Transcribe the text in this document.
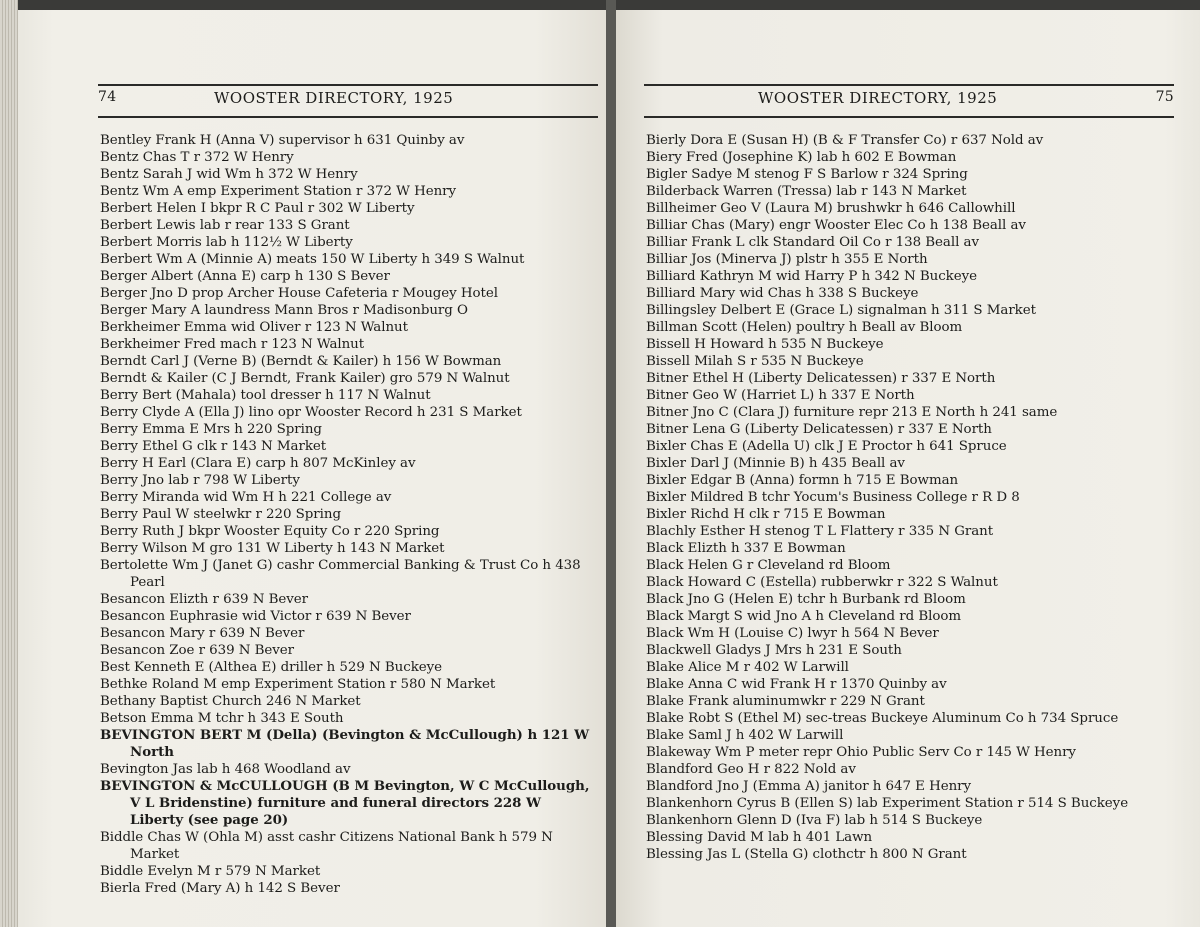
74	WOOSTER DIRECTORY, 1925
Bentley Frank H (Anna V) supervisor h 631 Quinby av
Bentz Chas T r 372 W Henry
Bentz Sarah J wid Wm h 372 W Henry
Bentz Wm A emp Experiment Station r 372 W Henry
Berbert Helen I bkpr R C Paul r 302 W Liberty
Berbert Lewis lab r rear 133 S Grant
Berbert Morris lab h 112½ W Liberty
Berbert Wm A (Minnie A) meats 150 W Liberty h 349 S Walnut
Berger Albert (Anna E) carp h 130 S Bever
Berger Jno D prop Archer House Cafeteria r Mougey Hotel
Berger Mary A laundress Mann Bros r Madisonburg O
Berkheimer Emma wid Oliver r 123 N Walnut
Berkheimer Fred mach r 123 N Walnut
Berndt Carl J (Verne B) (Berndt & Kailer) h 156 W Bowman
Berndt & Kailer (C J Berndt, Frank Kailer) gro 579 N Walnut
Berry Bert (Mahala) tool dresser h 117 N Walnut
Berry Clyde A (Ella J) lino opr Wooster Record h 231 S Market
Berry Emma E Mrs h 220 Spring
Berry Ethel G clk r 143 N Market
Berry H Earl (Clara E) carp h 807 McKinley av
Berry Jno lab r 798 W Liberty
Berry Miranda wid Wm H h 221 College av
Berry Paul W steelwkr r 220 Spring
Berry Ruth J bkpr Wooster Equity Co r 220 Spring
Berry Wilson M gro 131 W Liberty h 143 N Market
Bertolette Wm J (Janet G) cashr Commercial Banking & Trust Co h 438 Pearl
Besancon Elizth r 639 N Bever
Besancon Euphrasie wid Victor r 639 N Bever
Besancon Mary r 639 N Bever
Besancon Zoe r 639 N Bever
Best Kenneth E (Althea E) driller h 529 N Buckeye
Bethke Roland M emp Experiment Station r 580 N Market
Bethany Baptist Church 246 N Market
Betson Emma M tchr h 343 E South
BEVINGTON BERT M (Della) (Bevington & McCullough) h 121 W North
Bevington Jas lab h 468 Woodland av
BEVINGTON & McCULLOUGH (B M Bevington, W C McCullough, V L Bridenstine) furniture and funeral directors 228 W Liberty (see page 20)
Biddle Chas W (Ohla M) asst cashr Citizens National Bank h 579 N Market
Biddle Evelyn M r 579 N Market
Bierla Fred (Mary A) h 142 S Bever
WOOSTER DIRECTORY, 1925	75
Bierly Dora E (Susan H) (B & F Transfer Co) r 637 Nold av
Biery Fred (Josephine K) lab h 602 E Bowman
Bigler Sadye M stenog F S Barlow r 324 Spring
Bilderback Warren (Tressa) lab r 143 N Market
Billheimer Geo V (Laura M) brushwkr h 646 Callowhill
Billiar Chas (Mary) engr Wooster Elec Co h 138 Beall av
Billiar Frank L clk Standard Oil Co r 138 Beall av
Billiar Jos (Minerva J) plstr h 355 E North
Billiard Kathryn M wid Harry P h 342 N Buckeye
Billiard Mary wid Chas h 338 S Buckeye
Billingsley Delbert E (Grace L) signalman h 311 S Market
Billman Scott (Helen) poultry h Beall av Bloom
Bissell H Howard h 535 N Buckeye
Bissell Milah S r 535 N Buckeye
Bitner Ethel H (Liberty Delicatessen) r 337 E North
Bitner Geo W (Harriet L) h 337 E North
Bitner Jno C (Clara J) furniture repr 213 E North h 241 same
Bitner Lena G (Liberty Delicatessen) r 337 E North
Bixler Chas E (Adella U) clk J E Proctor h 641 Spruce
Bixler Darl J (Minnie B) h 435 Beall av
Bixler Edgar B (Anna) formn h 715 E Bowman
Bixler Mildred B tchr Yocum's Business College r R D 8
Bixler Richd H clk r 715 E Bowman
Blachly Esther H stenog T L Flattery r 335 N Grant
Black Elizth h 337 E Bowman
Black Helen G r Cleveland rd Bloom
Black Howard C (Estella) rubberwkr r 322 S Walnut
Black Jno G (Helen E) tchr h Burbank rd Bloom
Black Margt S wid Jno A h Cleveland rd Bloom
Black Wm H (Louise C) lwyr h 564 N Bever
Blackwell Gladys J Mrs h 231 E South
Blake Alice M r 402 W Larwill
Blake Anna C wid Frank H r 1370 Quinby av
Blake Frank aluminumwkr r 229 N Grant
Blake Robt S (Ethel M) sec-treas Buckeye Aluminum Co h 734 Spruce
Blake Saml J h 402 W Larwill
Blakeway Wm P meter repr Ohio Public Serv Co r 145 W Henry
Blandford Geo H r 822 Nold av
Blandford Jno J (Emma A) janitor h 647 E Henry
Blankenhorn Cyrus B (Ellen S) lab Experiment Station r 514 S Buckeye
Blankenhorn Glenn D (Iva F) lab h 514 S Buckeye
Blessing David M lab h 401 Lawn
Blessing Jas L (Stella G) clothctr h 800 N Grant
